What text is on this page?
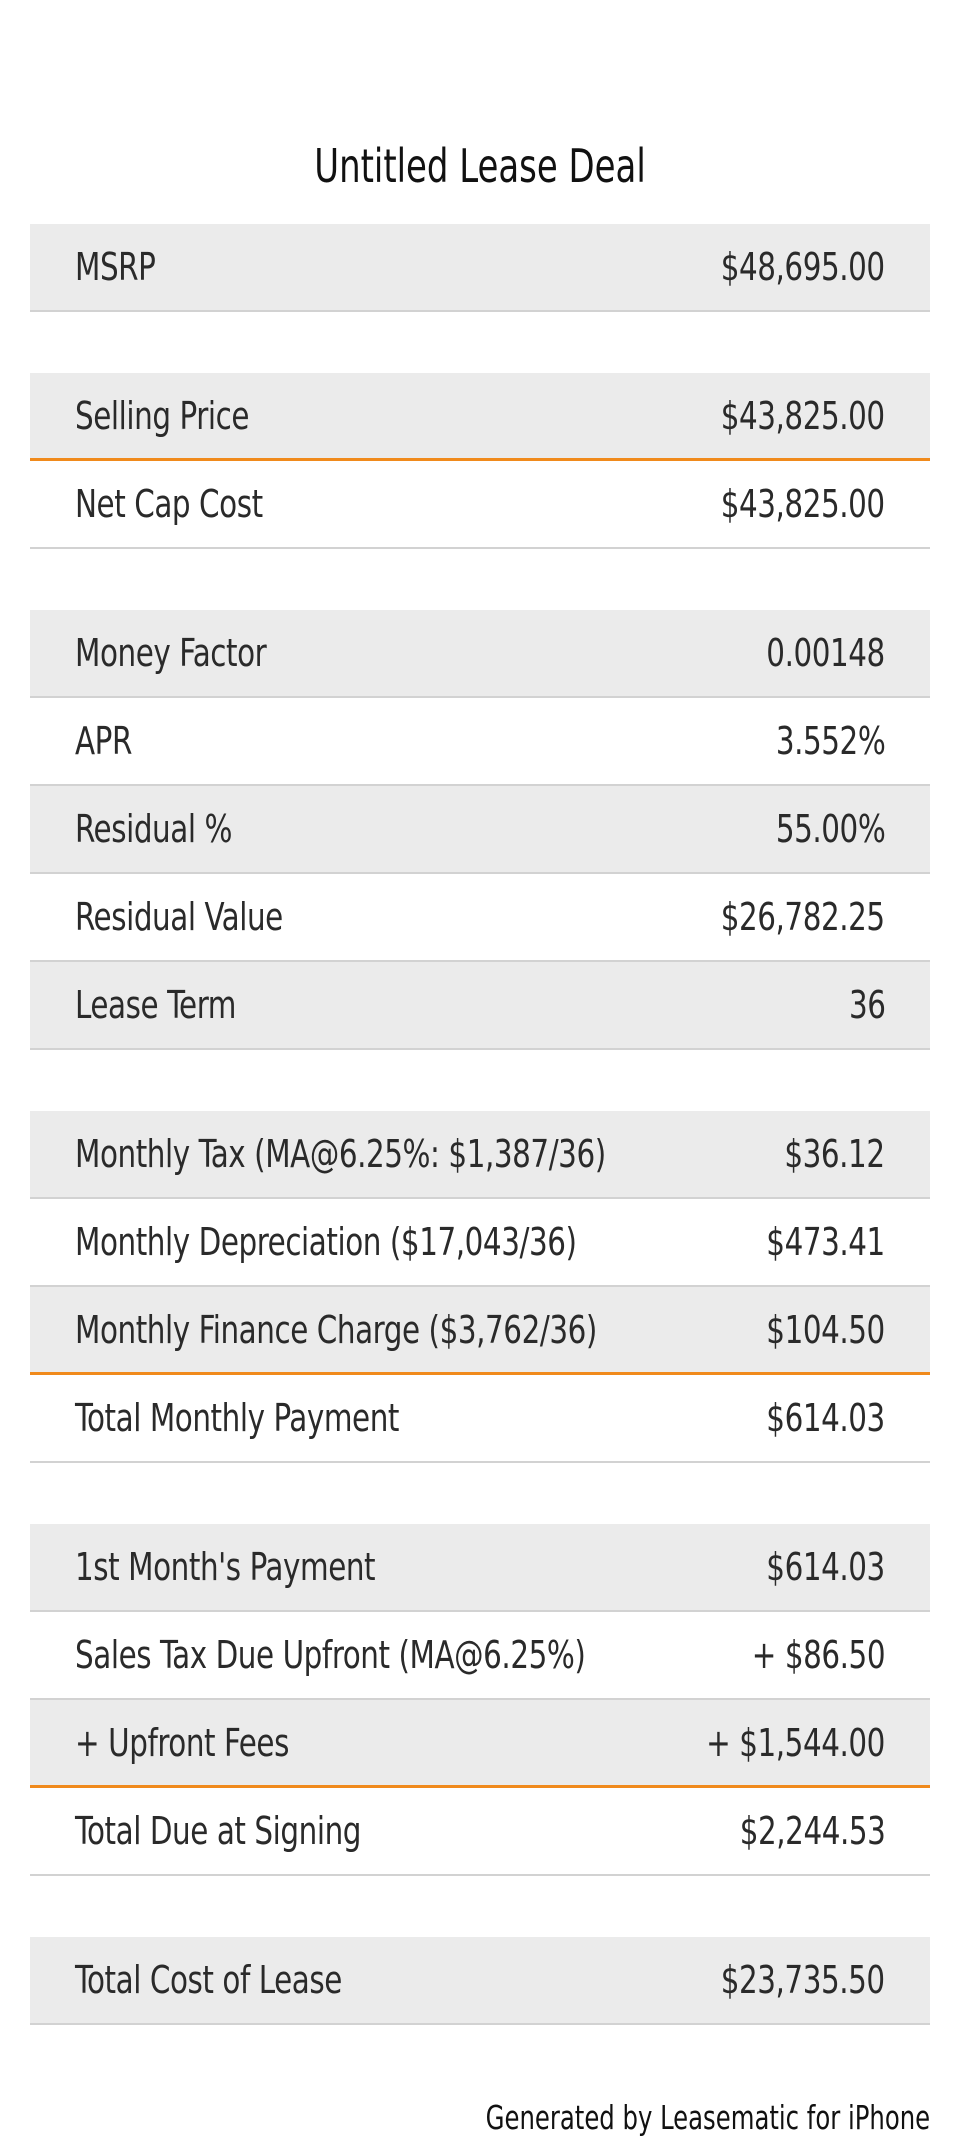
Untitled Lease Deal
MSRP	$48,695.00
Selling Price	$43,825.00
Net Cap Cost	$43,825.00
Money Factor	0.00148
APR	3.552%
Residual %	55.00%
Residual Value	$26,782.25
Lease Term	36
Monthly Tax (MA@6.25%: $1,387/36)	$36.12
Monthly Depreciation ($17,043/36)	$473.41
Monthly Finance Charge ($3,762/36)	$104.50
Total Monthly Payment	$614.03
1st Month's Payment	$614.03
Sales Tax Due Upfront (MA@6.25%)	+ $86.50
+ Upfront Fees	+ $1,544.00
Total Due at Signing	$2,244.53
Total Cost of Lease	$23,735.50
Generated by Leasematic for iPhone
